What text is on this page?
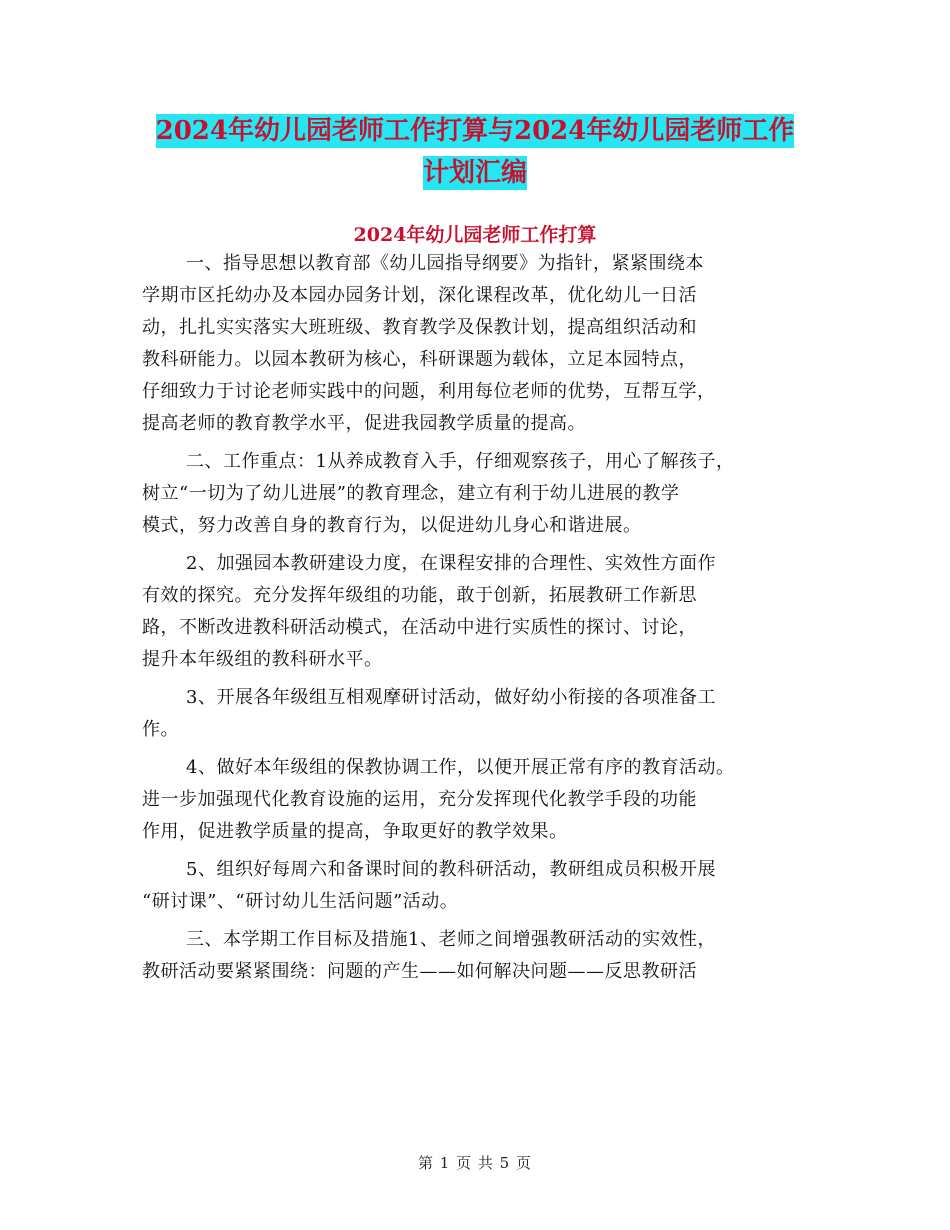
2024年幼儿园老师工作打算与2024年幼儿园老师工作
计划汇编
2024年幼儿园老师工作打算

一、指导思想以教育部《幼儿园指导纲要》为指针，紧紧围绕本
学期市区托幼办及本园办园务计划，深化课程改革，优化幼儿一日活
动，扎扎实实落实大班班级、教育教学及保教计划，提高组织活动和
教科研能力。以园本教研为核心，科研课题为载体，立足本园特点，
仔细致力于讨论老师实践中的问题，利用每位老师的优势，互帮互学，
提高老师的教育教学水平，促进我园教学质量的提高。

二、工作重点：1从养成教育入手，仔细观察孩子，用心了解孩子，
树立“一切为了幼儿进展”的教育理念，建立有利于幼儿进展的教学
模式，努力改善自身的教育行为，以促进幼儿身心和谐进展。

2、加强园本教研建设力度，在课程安排的合理性、实效性方面作
有效的探究。充分发挥年级组的功能，敢于创新，拓展教研工作新思
路，不断改进教科研活动模式，在活动中进行实质性的探讨、讨论，
提升本年级组的教科研水平。

3、开展各年级组互相观摩研讨活动，做好幼小衔接的各项准备工
作。

4、做好本年级组的保教协调工作，以便开展正常有序的教育活动。
进一步加强现代化教育设施的运用，充分发挥现代化教学手段的功能
作用，促进教学质量的提高，争取更好的教学效果。

5、组织好每周六和备课时间的教科研活动，教研组成员积极开展
“研讨课”、“研讨幼儿生活问题”活动。

三、本学期工作目标及措施1、老师之间增强教研活动的实效性，
教研活动要紧紧围绕：问题的产生——如何解决问题——反思教研活

第 1 页 共 5 页
